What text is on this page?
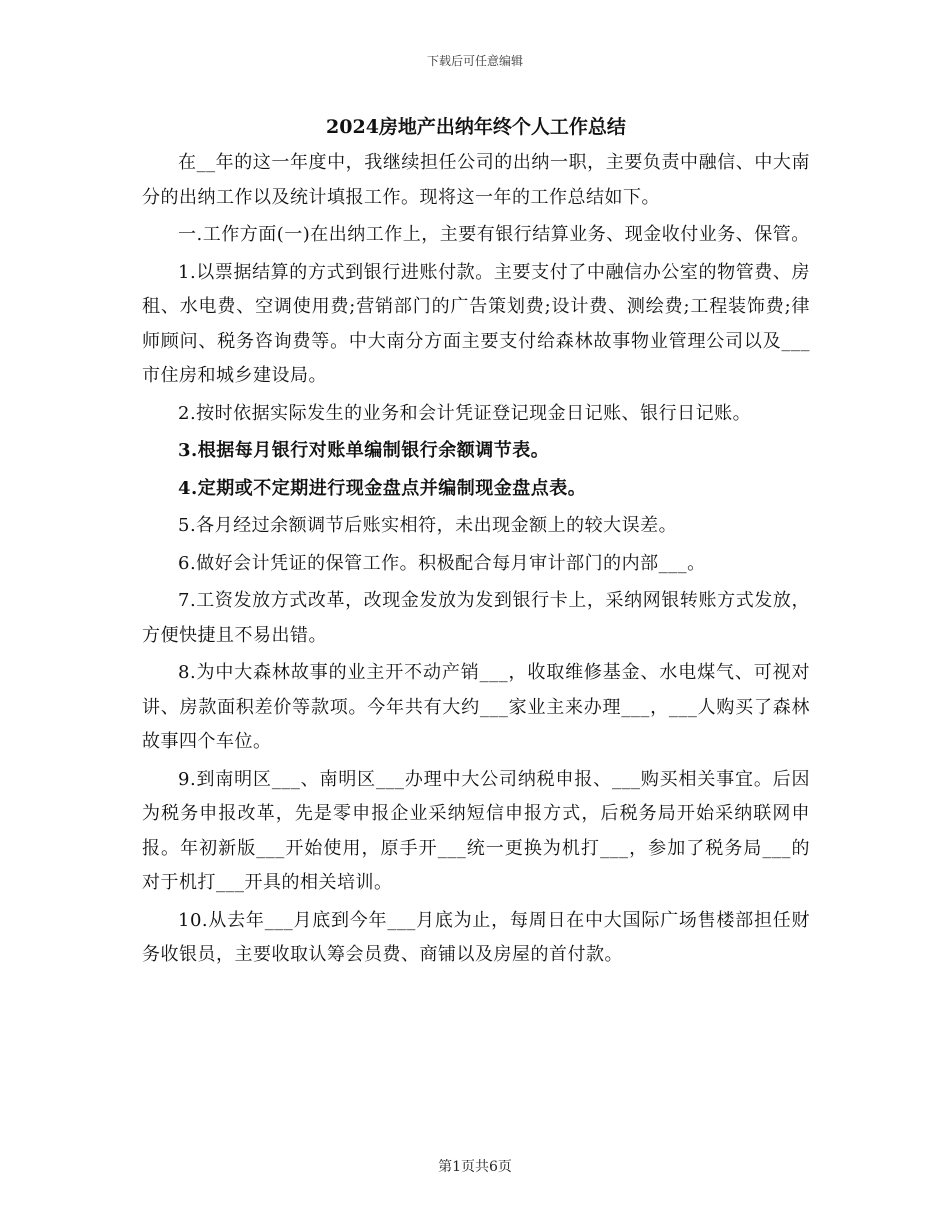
下载后可任意编辑
2024房地产出纳年终个人工作总结

在__年的这一年度中，我继续担任公司的出纳一职，主要负责中融信、中大南分的出纳工作以及统计填报工作。现将这一年的工作总结如下。

一.工作方面(一)在出纳工作上，主要有银行结算业务、现金收付业务、保管。

1.以票据结算的方式到银行进账付款。主要支付了中融信办公室的物管费、房租、水电费、空调使用费;营销部门的广告策划费;设计费、测绘费;工程装饰费;律师顾问、税务咨询费等。中大南分方面主要支付给森林故事物业管理公司以及___市住房和城乡建设局。

2.按时依据实际发生的业务和会计凭证登记现金日记账、银行日记账。

3.根据每月银行对账单编制银行余额调节表。

4.定期或不定期进行现金盘点并编制现金盘点表。

5.各月经过余额调节后账实相符，未出现金额上的较大误差。

6.做好会计凭证的保管工作。积极配合每月审计部门的内部___。

7.工资发放方式改革，改现金发放为发到银行卡上，采纳网银转账方式发放，方便快捷且不易出错。

8.为中大森林故事的业主开不动产销___，收取维修基金、水电煤气、可视对讲、房款面积差价等款项。今年共有大约___家业主来办理___，___人购买了森林故事四个车位。

9.到南明区___、南明区___办理中大公司纳税申报、___购买相关事宜。后因为税务申报改革，先是零申报企业采纳短信申报方式，后税务局开始采纳联网申报。年初新版___开始使用，原手开___统一更换为机打___，参加了税务局___的对于机打___开具的相关培训。

10.从去年___月底到今年___月底为止，每周日在中大国际广场售楼部担任财务收银员，主要收取认筹会员费、商铺以及房屋的首付款。

第1页共6页
